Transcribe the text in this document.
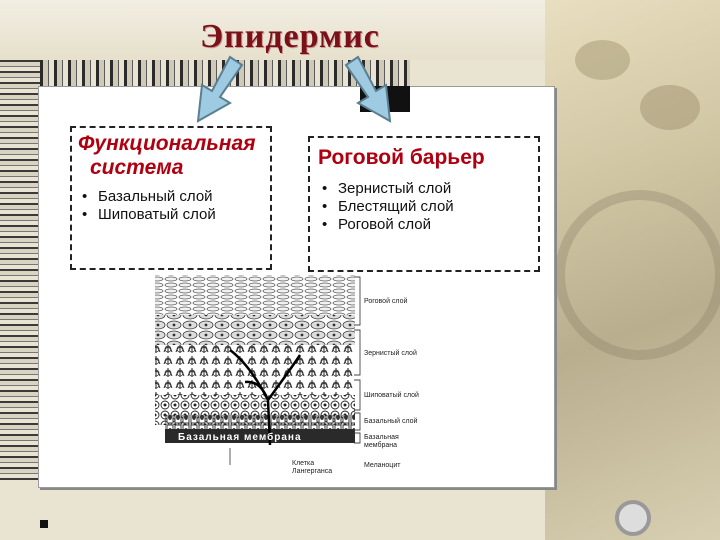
Эпидермис
Функциональная
система
• Базальный слой
• Шиповатый слой
Роговой барьер
• Зернистый слой
• Блестящий слой
• Роговой слой
Базальная мембрана
Роговой слой
Зернистый слой
Шиповатый слой
Базальный слой
Базальная мембрана
Клетка Лангерганса
Меланоцит
